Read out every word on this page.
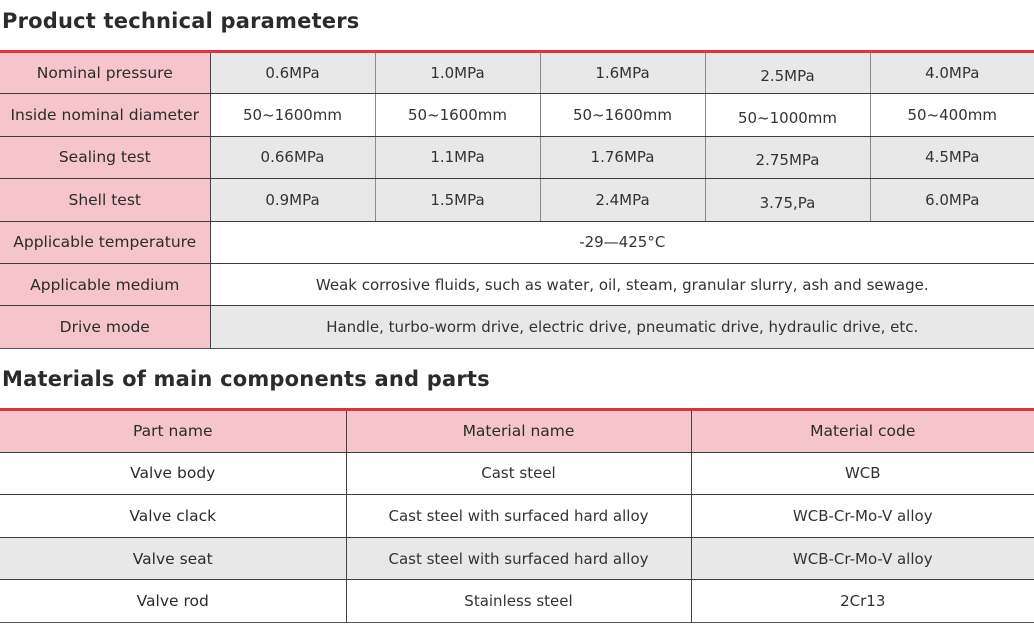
Product technical parameters
Nominal pressure	0.6MPa	1.0MPa	1.6MPa	2.5MPa	4.0MPa
Inside nominal diameter	50~1600mm	50~1600mm	50~1600mm	50~1000mm	50~400mm
Sealing test	0.66MPa	1.1MPa	1.76MPa	2.75MPa	4.5MPa
Shell test	0.9MPa	1.5MPa	2.4MPa	3.75,Pa	6.0MPa
Applicable temperature	-29—425°C				
Applicable medium	Weak corrosive fluids, such as water, oil, steam, granular slurry, ash and sewage.				
Drive mode	Handle, turbo-worm drive, electric drive, pneumatic drive, hydraulic drive, etc.				
Materials of main components and parts
Part name	Material name	Material code
Valve body	Cast steel	WCB
Valve clack	Cast steel with surfaced hard alloy	WCB-Cr-Mo-V alloy
Valve seat	Cast steel with surfaced hard alloy	WCB-Cr-Mo-V alloy
Valve rod	Stainless steel	2Cr13
